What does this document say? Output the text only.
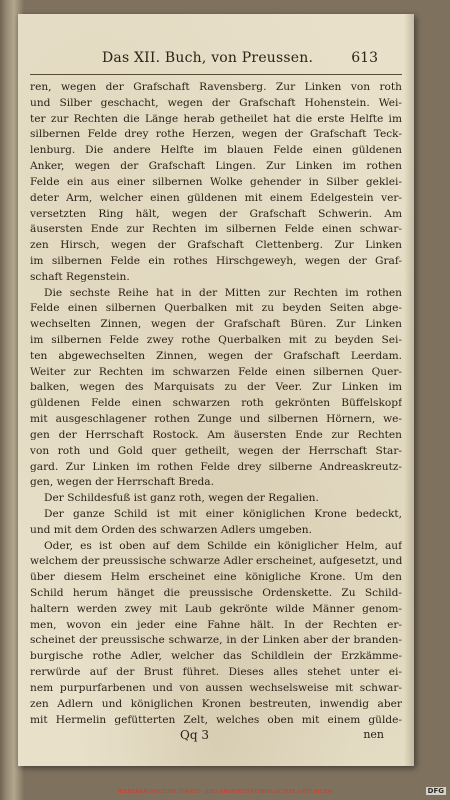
Das XII. Buch, von Preussen.	613
ren, wegen der Grafschaft Ravensberg. Zur Linken von roth
und Silber geschacht, wegen der Grafschaft Hohenstein. Wei-
ter zur Rechten die Länge herab getheilet hat die erste Helfte im
silbernen Felde drey rothe Herzen, wegen der Grafschaft Teck-
lenburg. Die andere Helfte im blauen Felde einen güldenen
Anker, wegen der Grafschaft Lingen. Zur Linken im rothen
Felde ein aus einer silbernen Wolke gehender in Silber geklei-
deter Arm, welcher einen güldenen mit einem Edelgestein ver-
versetzten Ring hält, wegen der Grafschaft Schwerin. Am
äusersten Ende zur Rechten im silbernen Felde einen schwar-
zen Hirsch, wegen der Grafschaft Clettenberg. Zur Linken
im silbernen Felde ein rothes Hirschgeweyh, wegen der Graf-
schaft Regenstein.
Die sechste Reihe hat in der Mitten zur Rechten im rothen
Felde einen silbernen Querbalken mit zu beyden Seiten abge-
wechselten Zinnen, wegen der Grafschaft Büren. Zur Linken
im silbernen Felde zwey rothe Querbalken mit zu beyden Sei-
ten abgewechselten Zinnen, wegen der Grafschaft Leerdam.
Weiter zur Rechten im schwarzen Felde einen silbernen Quer-
balken, wegen des Marquisats zu der Veer. Zur Linken im
güldenen Felde einen schwarzen roth gekrönten Büffelskopf
mit ausgeschlagener rothen Zunge und silbernen Hörnern, we-
gen der Herrschaft Rostock. Am äusersten Ende zur Rechten
von roth und Gold quer getheilt, wegen der Herrschaft Star-
gard. Zur Linken im rothen Felde drey silberne Andreaskreutz-
gen, wegen der Herrschaft Breda.
Der Schildesfuß ist ganz roth, wegen der Regalien.
Der ganze Schild ist mit einer königlichen Krone bedeckt,
und mit dem Orden des schwarzen Adlers umgeben.
Oder, es ist oben auf dem Schilde ein königlicher Helm, auf
welchem der preussische schwarze Adler erscheinet, aufgesetzt, und
über diesem Helm erscheinet eine königliche Krone. Um den
Schild herum hänget die preussische Ordenskette. Zu Schild-
haltern werden zwey mit Laub gekrönte wilde Männer genom-
men, wovon ein jeder eine Fahne hält. In der Rechten er-
scheinet der preussische schwarze, in der Linken aber der branden-
burgische rothe Adler, welcher das Schildlein der Erzkämme-
rerwürde auf der Brust führet. Dieses alles stehet unter ei-
nem purpurfarbenen und von aussen wechselsweise mit schwar-
zen Adlern und königlichen Kronen bestreuten, inwendig aber
mit Hermelin gefütterten Zelt, welches oben mit einem gülde-
Qq 3	nen
NIEDERSÄCHSISCHE STAATS- UND UNIVERSITÄTSBIBLIOTHEK GÖTTINGEN	DFG
